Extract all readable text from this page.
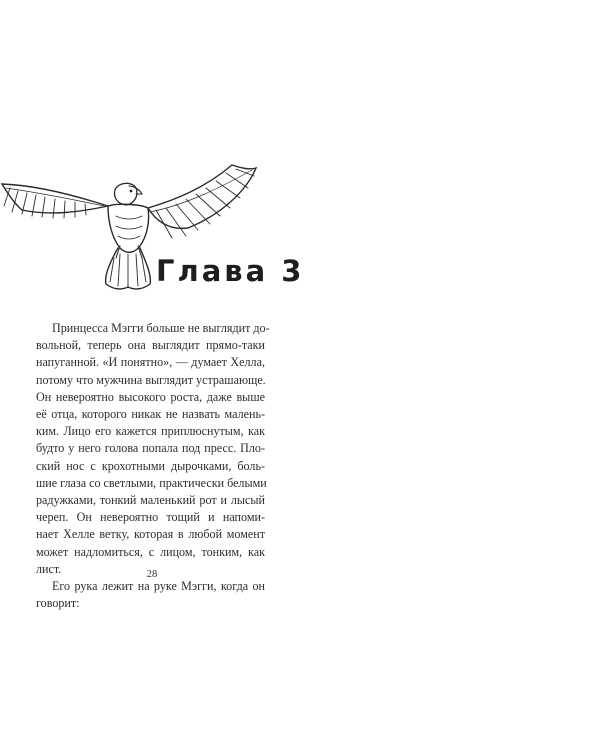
Глава 3
Принцесса Мэгги больше не выглядит до-
вольной, теперь она выглядит прямо-таки
напуганной. «И понятно», — думает Хелла,
потому что мужчина выглядит устрашающе.
Он невероятно высокого роста, даже выше
её отца, которого никак не назвать малень-
ким. Лицо его кажется приплюснутым, как
будто у него голова попала под пресс. Пло-
ский нос с крохотными дырочками, боль-
шие глаза со светлыми, практически белыми
радужками, тонкий маленький рот и лысый
череп. Он невероятно тощий и напоми-
нает Хелле ветку, которая в любой момент
может надломиться, с лицом, тонким, как
лист.
Его рука лежит на руке Мэгги, когда он
говорит:
28
